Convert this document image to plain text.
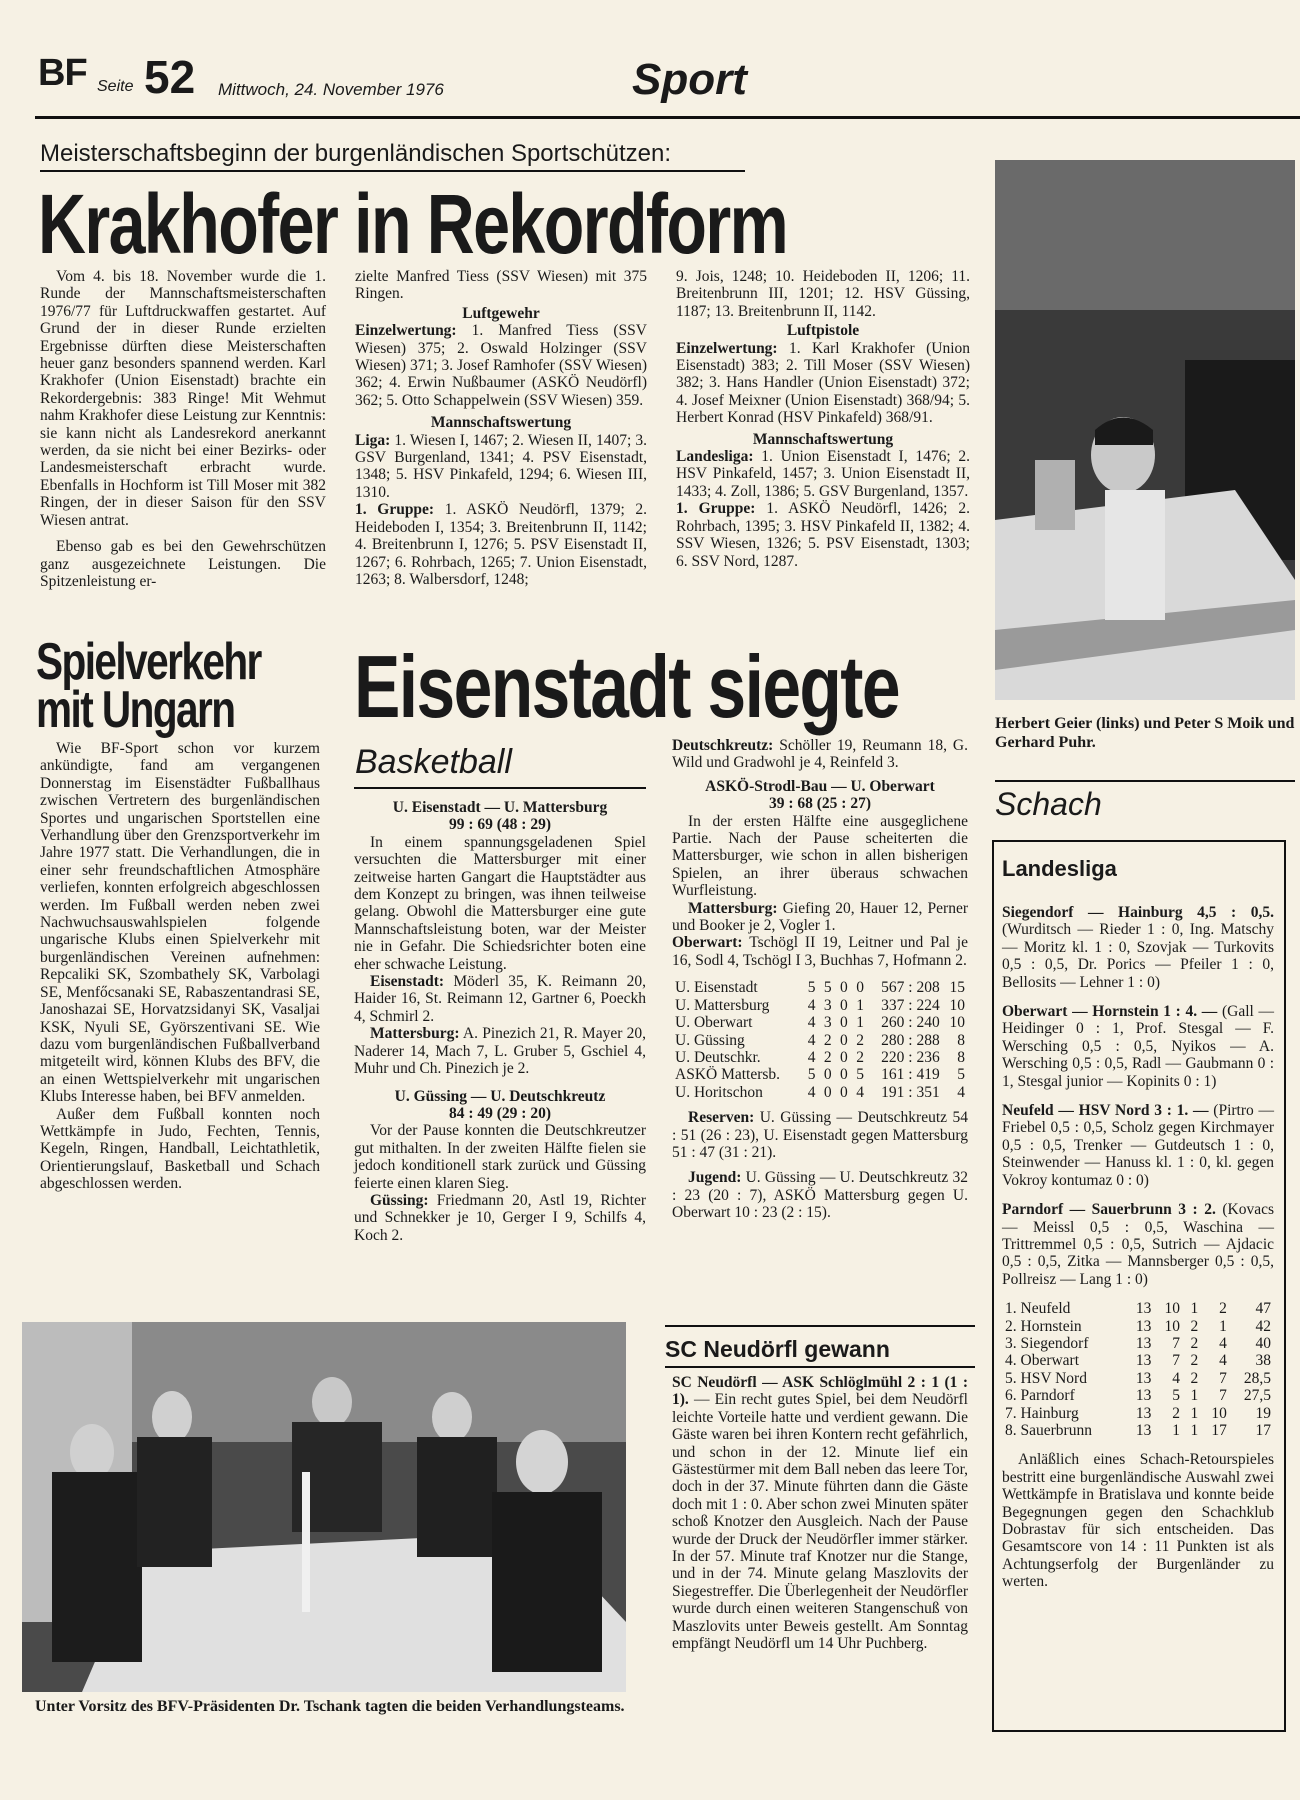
BF Seite 52 Mittwoch, 24. November 1976	Sport
Meisterschaftsbeginn der burgenländischen Sportschützen:
Krakhofer in Rekordform

Vom 4. bis 18. November wurde die 1. Runde der Mannschaftsmeisterschaften 1976/77 für Luftdruckwaffen gestartet. Auf Grund der in dieser Runde erzielten Ergebnisse dürften diese Meisterschaften heuer ganz besonders spannend werden. Karl Krakhofer (Union Eisenstadt) brachte ein Rekordergebnis: 383 Ringe! Mit Wehmut nahm Krakhofer diese Leistung zur Kenntnis: sie kann nicht als Landesrekord anerkannt werden, da sie nicht bei einer Bezirks- oder Landesmeisterschaft erbracht wurde. Ebenfalls in Hochform ist Till Moser mit 382 Ringen, der in dieser Saison für den SSV Wiesen antrat.

Ebenso gab es bei den Gewehrschützen ganz ausgezeichnete Leistungen. Die Spitzenleistung er-

zielte Manfred Tiess (SSV Wiesen) mit 375 Ringen.

Luftgewehr

Einzelwertung: 1. Manfred Tiess (SSV Wiesen) 375; 2. Oswald Holzinger (SSV Wiesen) 371; 3. Josef Ramhofer (SSV Wiesen) 362; 4. Erwin Nußbaumer (ASKÖ Neudörfl) 362; 5. Otto Schappelwein (SSV Wiesen) 359.

Mannschaftswertung

Liga: 1. Wiesen I, 1467; 2. Wiesen II, 1407; 3. GSV Burgenland, 1341; 4. PSV Eisenstadt, 1348; 5. HSV Pinkafeld, 1294; 6. Wiesen III, 1310.

1. Gruppe: 1. ASKÖ Neudörfl, 1379; 2. Heideboden I, 1354; 3. Breitenbrunn II, 1142; 4. Breitenbrunn I, 1276; 5. PSV Eisenstadt II, 1267; 6. Rohrbach, 1265; 7. Union Eisenstadt, 1263; 8. Walbersdorf, 1248;

9. Jois, 1248; 10. Heideboden II, 1206; 11. Breitenbrunn III, 1201; 12. HSV Güssing, 1187; 13. Breitenbrunn II, 1142.

Luftpistole

Einzelwertung: 1. Karl Krakhofer (Union Eisenstadt) 383; 2. Till Moser (SSV Wiesen) 382; 3. Hans Handler (Union Eisenstadt) 372; 4. Josef Meixner (Union Eisenstadt) 368/94; 5. Herbert Konrad (HSV Pinkafeld) 368/91.

Mannschaftswertung

Landesliga: 1. Union Eisenstadt I, 1476; 2. HSV Pinkafeld, 1457; 3. Union Eisenstadt II, 1433; 4. Zoll, 1386; 5. GSV Burgenland, 1357.

1. Gruppe: 1. ASKÖ Neudörfl, 1426; 2. Rohrbach, 1395; 3. HSV Pinkafeld II, 1382; 4. SSV Wiesen, 1326; 5. PSV Eisenstadt, 1303; 6. SSV Nord, 1287.

Herbert Geier (links) und Peter S Moik und Gerhard Puhr.
Spielverkehr
mit Ungarn

Wie BF-Sport schon vor kurzem ankündigte, fand am vergangenen Donnerstag im Eisenstädter Fußballhaus zwischen Vertretern des burgenländischen Sportes und ungarischen Sportstellen eine Verhandlung über den Grenzsportverkehr im Jahre 1977 statt. Die Verhandlungen, die in einer sehr freundschaftlichen Atmosphäre verliefen, konnten erfolgreich abgeschlossen werden. Im Fußball werden neben zwei Nachwuchsauswahlspielen folgende ungarische Klubs einen Spielverkehr mit burgenländischen Vereinen aufnehmen: Repcaliki SK, Szombathely SK, Varbolagi SE, Menfőcsanaki SE, Rabaszentandrasi SE, Janoshazai SE, Horvatzsidanyi SK, Vasaljai KSK, Nyuli SE, Györszentivani SE. Wie dazu vom burgenländischen Fußballverband mitgeteilt wird, können Klubs des BFV, die an einen Wettspielverkehr mit ungarischen Klubs Interesse haben, bei BFV anmelden.

Außer dem Fußball konnten noch Wettkämpfe in Judo, Fechten, Tennis, Kegeln, Ringen, Handball, Leichtathletik, Orientierungslauf, Basketball und Schach abgeschlossen werden.

Eisenstadt siegte
Basketball

U. Eisenstadt — U. Mattersburg

99 : 69 (48 : 29)

In einem spannungsgeladenen Spiel versuchten die Mattersburger mit einer zeitweise harten Gangart die Hauptstädter aus dem Konzept zu bringen, was ihnen teilweise gelang. Obwohl die Mattersburger eine gute Mannschaftsleistung boten, war der Meister nie in Gefahr. Die Schiedsrichter boten eine eher schwache Leistung.

Eisenstadt: Möderl 35, K. Reimann 20, Haider 16, St. Reimann 12, Gartner 6, Poeckh 4, Schmirl 2.

Mattersburg: A. Pinezich 21, R. Mayer 20, Naderer 14, Mach 7, L. Gruber 5, Gschiel 4, Muhr und Ch. Pinezich je 2.

U. Güssing — U. Deutschkreutz

84 : 49 (29 : 20)

Vor der Pause konnten die Deutschkreutzer gut mithalten. In der zweiten Hälfte fielen sie jedoch konditionell stark zurück und Güssing feierte einen klaren Sieg.

Güssing: Friedmann 20, Astl 19, Richter und Schnekker je 10, Gerger I 9, Schilfs 4, Koch 2.

Deutschkreutz: Schöller 19, Reumann 18, G. Wild und Gradwohl je 4, Reinfeld 3.

ASKÖ-Strodl-Bau — U. Oberwart

39 : 68 (25 : 27)

In der ersten Hälfte eine ausgeglichene Partie. Nach der Pause scheiterten die Mattersburger, wie schon in allen bisherigen Spielen, an ihrer überaus schwachen Wurfleistung.

Mattersburg: Giefing 20, Hauer 12, Perner und Booker je 2, Vogler 1.

Oberwart: Tschögl II 19, Leitner und Pal je 16, Sodl 4, Tschögl I 3, Buchhas 7, Hofmann 2.

U. Eisenstadt	5	5	0	0	567 : 208	15
U. Mattersburg	4	3	0	1	337 : 224	10
U. Oberwart	4	3	0	1	260 : 240	10
U. Güssing	4	2	0	2	280 : 288	8
U. Deutschkr.	4	2	0	2	220 : 236	8
ASKÖ Mattersb.	5	0	0	5	161 : 419	5
U. Horitschon	4	0	0	4	191 : 351	4

Reserven: U. Güssing — Deutschkreutz 54 : 51 (26 : 23), U. Eisenstadt gegen Mattersburg 51 : 47 (31 : 21).

Jugend: U. Güssing — U. Deutschkreutz 32 : 23 (20 : 7), ASKÖ Mattersburg gegen U. Oberwart 10 : 23 (2 : 15).

SC Neudörfl gewann

SC Neudörfl — ASK Schlöglmühl 2 : 1 (1 : 1). — Ein recht gutes Spiel, bei dem Neudörfl leichte Vorteile hatte und verdient gewann. Die Gäste waren bei ihren Kontern recht gefährlich, und schon in der 12. Minute lief ein Gästestürmer mit dem Ball neben das leere Tor, doch in der 37. Minute führten dann die Gäste doch mit 1 : 0. Aber schon zwei Minuten später schoß Knotzer den Ausgleich. Nach der Pause wurde der Druck der Neudörfler immer stärker. In der 57. Minute traf Knotzer nur die Stange, und in der 74. Minute gelang Maszlovits der Siegestreffer. Die Überlegenheit der Neudörfler wurde durch einen weiteren Stangenschuß von Maszlovits unter Beweis gestellt. Am Sonntag empfängt Neudörfl um 14 Uhr Puchberg.

Unter Vorsitz des BFV-Präsidenten Dr. Tschank tagten die beiden Verhandlungsteams.
Schach
Landesliga

Siegendorf — Hainburg 4,5 : 0,5. (Wurditsch — Rieder 1 : 0, Ing. Matschy — Moritz kl. 1 : 0, Szovjak — Turkovits 0,5 : 0,5, Dr. Porics — Pfeiler 1 : 0, Bellosits — Lehner 1 : 0)

Oberwart — Hornstein 1 : 4. — (Gall — Heidinger 0 : 1, Prof. Stesgal — F. Wersching 0,5 : 0,5, Nyikos — A. Wersching 0,5 : 0,5, Radl — Gaubmann 0 : 1, Stesgal junior — Kopinits 0 : 1)

Neufeld — HSV Nord 3 : 1. — (Pirtro — Friebel 0,5 : 0,5, Scholz gegen Kirchmayer 0,5 : 0,5, Trenker — Gutdeutsch 1 : 0, Steinwender — Hanuss kl. 1 : 0, kl. gegen Vokroy kontumaz 0 : 0)

Parndorf — Sauerbrunn 3 : 2. (Kovacs — Meissl 0,5 : 0,5, Waschina — Trittremmel 0,5 : 0,5, Sutrich — Ajdacic 0,5 : 0,5, Zitka — Mannsberger 0,5 : 0,5, Pollreisz — Lang 1 : 0)

1. Neufeld	13	10	1	2	47
2. Hornstein	13	10	2	1	42
3. Siegendorf	13	7	2	4	40
4. Oberwart	13	7	2	4	38
5. HSV Nord	13	4	2	7	28,5
6. Parndorf	13	5	1	7	27,5
7. Hainburg	13	2	1	10	19
8. Sauerbrunn	13	1	1	17	17

Anläßlich eines Schach-Retourspieles bestritt eine burgenländische Auswahl zwei Wettkämpfe in Bratislava und konnte beide Begegnungen gegen den Schachklub Dobrastav für sich entscheiden. Das Gesamtscore von 14 : 11 Punkten ist als Achtungserfolg der Burgenländer zu werten.
